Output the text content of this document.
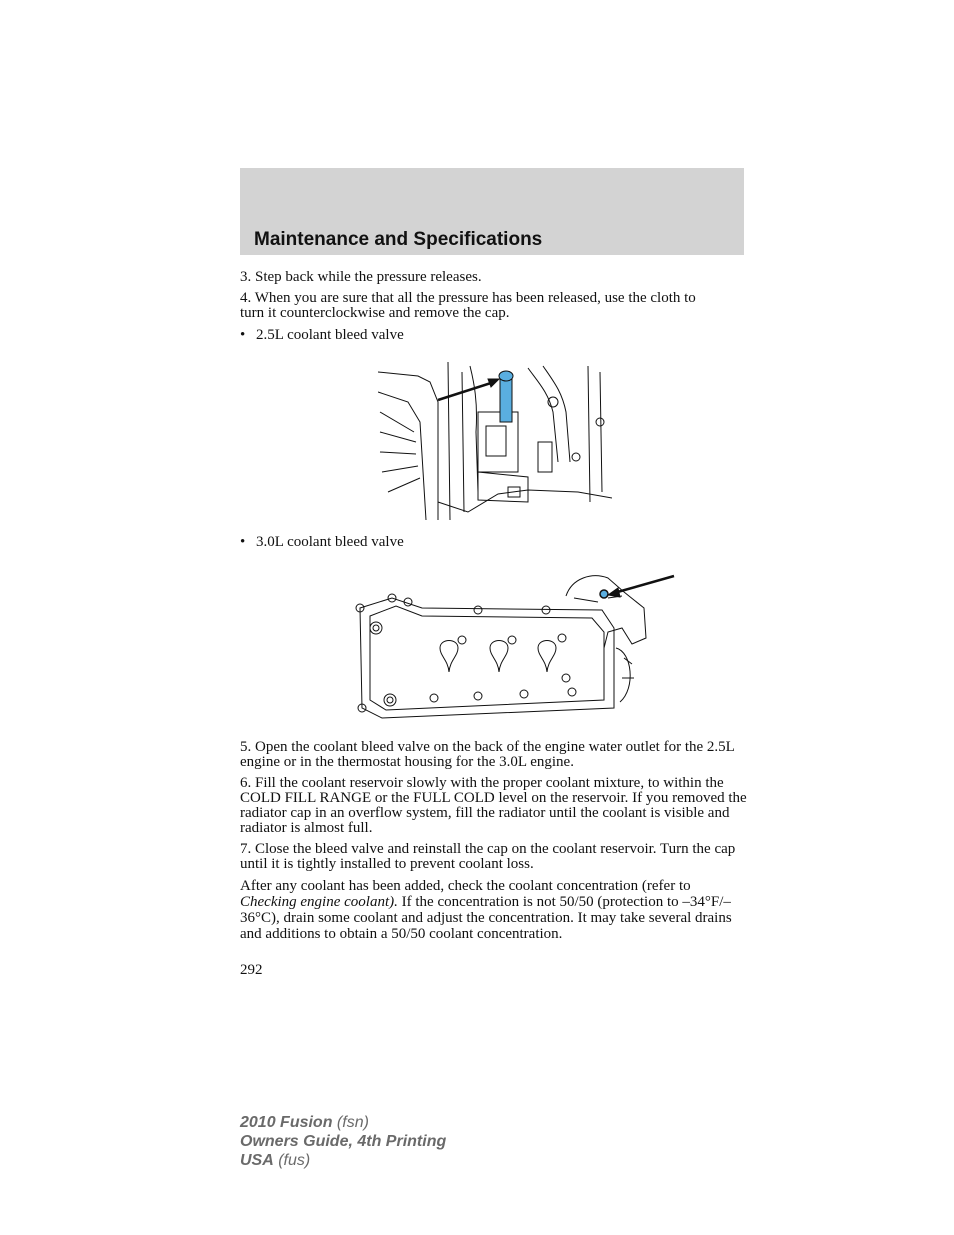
Maintenance and Specifications
3. Step back while the pressure releases.
4. When you are sure that all the pressure has been released, use the cloth to turn it counterclockwise and remove the cap.
• 2.5L coolant bleed valve
• 3.0L coolant bleed valve
5. Open the coolant bleed valve on the back of the engine water outlet for the 2.5L engine or in the thermostat housing for the 3.0L engine.
6. Fill the coolant reservoir slowly with the proper coolant mixture, to within the COLD FILL RANGE or the FULL COLD level on the reservoir. If you removed the radiator cap in an overflow system, fill the radiator until the coolant is visible and radiator is almost full.
7. Close the bleed valve and reinstall the cap on the coolant reservoir. Turn the cap until it is tightly installed to prevent coolant loss.
After any coolant has been added, check the coolant concentration (refer to Checking engine coolant). If the concentration is not 50/50 (protection to –34°F/–36°C), drain some coolant and adjust the concentration. It may take several drains and additions to obtain a 50/50 coolant concentration.
292
2010 Fusion (fsn)
Owners Guide, 4th Printing
USA (fus)
